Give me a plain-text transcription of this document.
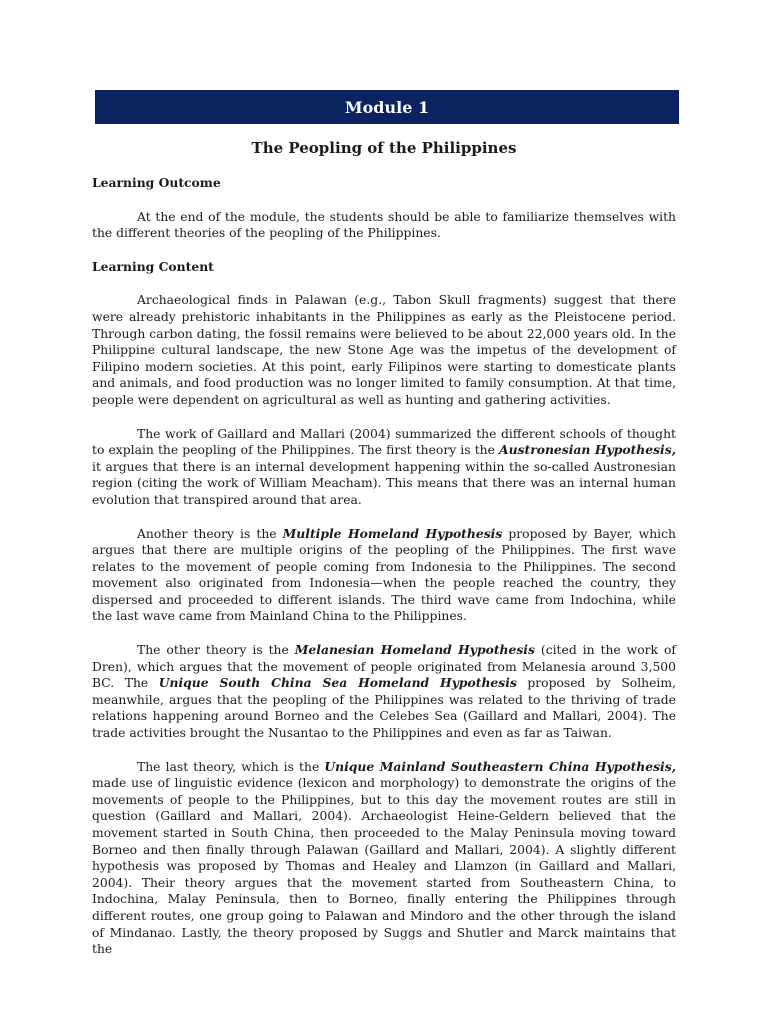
Module 1
The Peopling of the Philippines
Learning Outcome

At the end of the module, the students should be able to familiarize themselves with the different theories of the peopling of the Philippines.

Learning Content

Archaeological finds in Palawan (e.g., Tabon Skull fragments) suggest that there were already prehistoric inhabitants in the Philippines as early as the Pleistocene period. Through carbon dating, the fossil remains were believed to be about 22,000 years old. In the Philippine cultural landscape, the new Stone Age was the impetus of the development of Filipino modern societies. At this point, early Filipinos were starting to domesticate plants and animals, and food production was no longer limited to family consumption. At that time, people were dependent on agricultural as well as hunting and gathering activities.

The work of Gaillard and Mallari (2004) summarized the different schools of thought to explain the peopling of the Philippines. The first theory is the Austronesian Hypothesis, it argues that there is an internal development happening within the so-called Austronesian region (citing the work of William Meacham). This means that there was an internal human evolution that transpired around that area.

Another theory is the Multiple Homeland Hypothesis proposed by Bayer, which argues that there are multiple origins of the peopling of the Philippines. The first wave relates to the movement of people coming from Indonesia to the Philippines. The second movement also originated from Indonesia—when the people reached the country, they dispersed and proceeded to different islands. The third wave came from Indochina, while the last wave came from Mainland China to the Philippines.

The other theory is the Melanesian Homeland Hypothesis (cited in the work of Dren), which argues that the movement of people originated from Melanesia around 3,500 BC. The Unique South China Sea Homeland Hypothesis proposed by Solheim, meanwhile, argues that the peopling of the Philippines was related to the thriving of trade relations happening around Borneo and the Celebes Sea (Gaillard and Mallari, 2004). The trade activities brought the Nusantao to the Philippines and even as far as Taiwan.

The last theory, which is the Unique Mainland Southeastern China Hypothesis, made use of linguistic evidence (lexicon and morphology) to demonstrate the origins of the movements of people to the Philippines, but to this day the movement routes are still in question (Gaillard and Mallari, 2004). Archaeologist Heine-Geldern believed that the movement started in South China, then proceeded to the Malay Peninsula moving toward Borneo and then finally through Palawan (Gaillard and Mallari, 2004). A slightly different hypothesis was proposed by Thomas and Healey and Llamzon (in Gaillard and Mallari, 2004). Their theory argues that the movement started from Southeastern China, to Indochina, Malay Peninsula, then to Borneo, finally entering the Philippines through different routes, one group going to Palawan and Mindoro and the other through the island of Mindanao. Lastly, the theory proposed by Suggs and Shutler and Marck maintains that the
